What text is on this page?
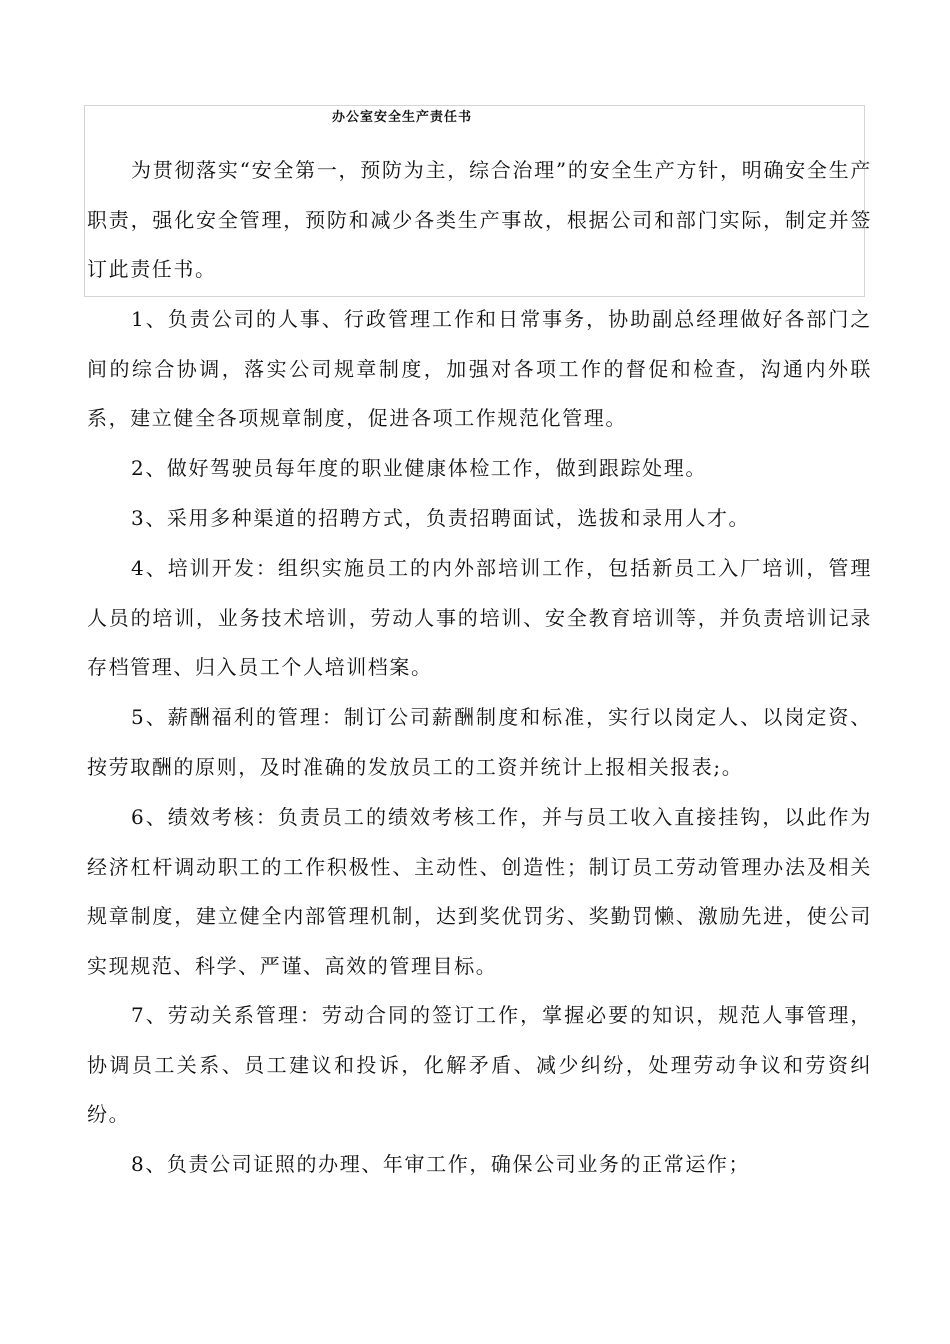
办公室安全生产责任书

为贯彻落实“安全第一，预防为主，综合治理”的安全生产方针，明确安全生产职责，强化安全管理，预防和减少各类生产事故，根据公司和部门实际，制定并签订此责任书。

1、负责公司的人事、行政管理工作和日常事务，协助副总经理做好各部门之间的综合协调，落实公司规章制度，加强对各项工作的督促和检查，沟通内外联系，建立健全各项规章制度，促进各项工作规范化管理。

2、做好驾驶员每年度的职业健康体检工作，做到跟踪处理。

3、采用多种渠道的招聘方式，负责招聘面试，选拔和录用人才。

4、培训开发：组织实施员工的内外部培训工作，包括新员工入厂培训，管理人员的培训，业务技术培训，劳动人事的培训、安全教育培训等，并负责培训记录存档管理、归入员工个人培训档案。

5、薪酬福利的管理：制订公司薪酬制度和标准，实行以岗定人、以岗定资、按劳取酬的原则，及时准确的发放员工的工资并统计上报相关报表;。

6、绩效考核：负责员工的绩效考核工作，并与员工收入直接挂钩，以此作为经济杠杆调动职工的工作积极性、主动性、创造性；制订员工劳动管理办法及相关规章制度，建立健全内部管理机制，达到奖优罚劣、奖勤罚懒、激励先进，使公司实现规范、科学、严谨、高效的管理目标。

7、劳动关系管理：劳动合同的签订工作，掌握必要的知识，规范人事管理，协调员工关系、员工建议和投诉，化解矛盾、减少纠纷，处理劳动争议和劳资纠纷。

8、负责公司证照的办理、年审工作，确保公司业务的正常运作；
